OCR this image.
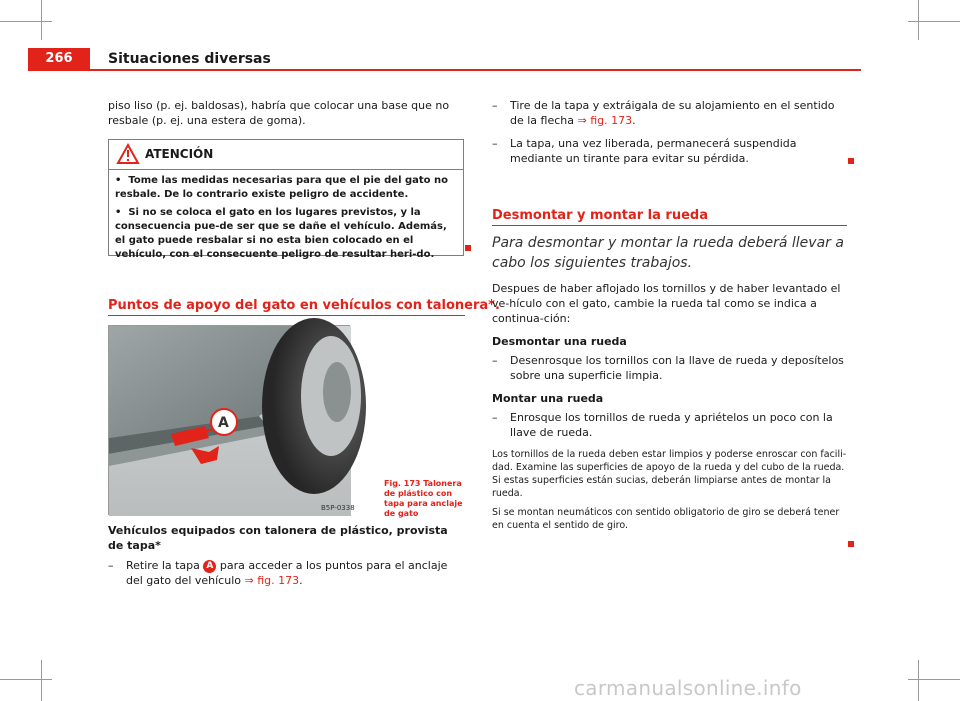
266	Situaciones diversas

piso liso (p. ej. baldosas), habría que colocar una base que no resbale (p. ej. una estera de goma).

ATENCIÓN

•  Tome las medidas necesarias para que el pie del gato no resbale. De lo contrario existe peligro de accidente.

•  Si no se coloca el gato en los lugares previstos, y la consecuencia pue-de ser que se dañe el vehículo. Además, el gato puede resbalar si no esta bien colocado en el vehículo, con el consecuente peligro de resultar heri-do.

Puntos de apoyo del gato en vehículos con talonera*.
A
B5P-0338
Fig. 173 Talonera de plástico con tapa para anclaje de gato

Vehículos equipados con talonera de plástico, provista de tapa*

– Retire la tapa A para acceder a los puntos para el anclaje del gato del vehículo ⇒ fig. 173.

– Tire de la tapa y extráigala de su alojamiento en el sentido de la flecha ⇒ fig. 173.

– La tapa, una vez liberada, permanecerá suspendida mediante un tirante para evitar su pérdida.

Desmontar y montar la rueda

Para desmontar y montar la rueda deberá llevar a cabo los siguientes trabajos.

Despues de haber aflojado los tornillos y de haber levantado el ve-hículo con el gato, cambie la rueda tal como se indica a continua-ción:

Desmontar una rueda

– Desenrosque los tornillos con la llave de rueda y deposítelos sobre una superficie limpia.

Montar una rueda

– Enrosque los tornillos de rueda y apriételos un poco con la llave de rueda.

Los tornillos de la rueda deben estar limpios y poderse enroscar con facili-dad. Examine las superficies de apoyo de la rueda y del cubo de la rueda. Si estas superficies están sucias, deberán limpiarse antes de montar la rueda.

Si se montan neumáticos con sentido obligatorio de giro se deberá tener en cuenta el sentido de giro.

carmanualsonline.info
